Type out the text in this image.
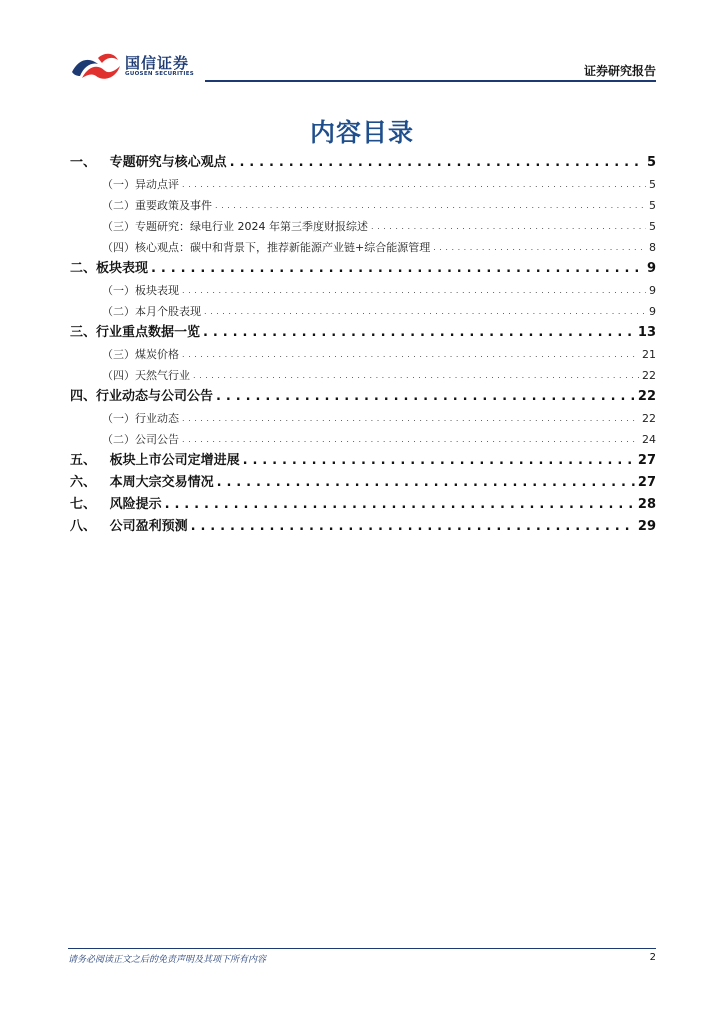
国信证券
GUOSEN SECURITIES	证券研究报告
内容目录
一、   专题研究与核心观点 . . .	5
（一）异动点评 . . .	5
（二）重要政策及事件 . . .	5
（三）专题研究：绿电行业 2024 年第三季度财报综述 . . .	5
（四）核心观点：碳中和背景下，推荐新能源产业链+综合能源管理 . . .	8
二、板块表现 . . .	9
（一）板块表现 . . .	9
（二）本月个股表现 . . .	9
三、行业重点数据一览 . . .	13
（三）煤炭价格 . . .	21
（四）天然气行业 . . .	22
四、行业动态与公司公告 . . .	22
（一）行业动态 . . .	22
（二）公司公告 . . .	24
五、   板块上市公司定增进展 . . .	27
六、   本周大宗交易情况 . . .	27
七、   风险提示 . . .	28
八、   公司盈利预测 . . .	29
请务必阅读正文之后的免责声明及其项下所有内容	2
